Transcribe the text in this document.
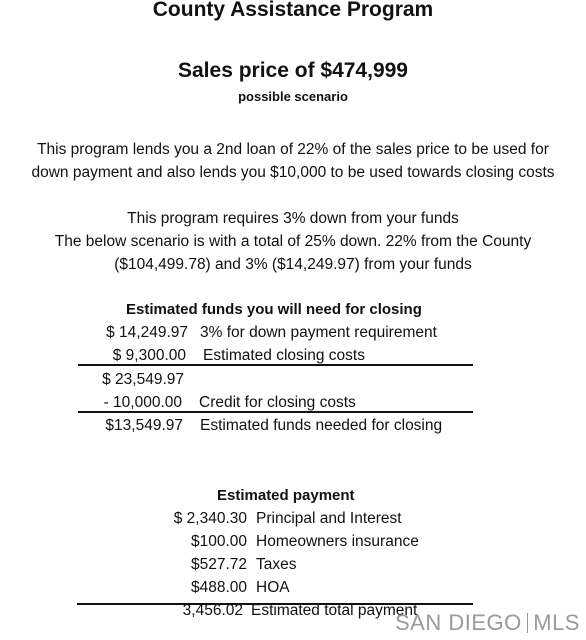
County Assistance Program
Sales price of $474,999
possible scenario
This program lends you a 2nd loan of 22% of the sales price to be used for
down payment and also lends you $10,000 to be used towards closing costs
This program requires 3% down from your funds
The below scenario is with a total of 25% down. 22% from the County
($104,499.78) and 3% ($14,249.97) from your funds
Estimated funds you will need for closing
$ 14,249.97 3% for down payment requirement
$ 9,300.00 Estimated closing costs
$ 23,549.97
- 10,000.00 Credit for closing costs
$13,549.97 Estimated funds needed for closing
Estimated payment
$ 2,340.30 Principal and Interest
$100.00 Homeowners insurance
$527.72 Taxes
$488.00 HOA
3,456.02 Estimated total payment
SAN DIEGO MLS
